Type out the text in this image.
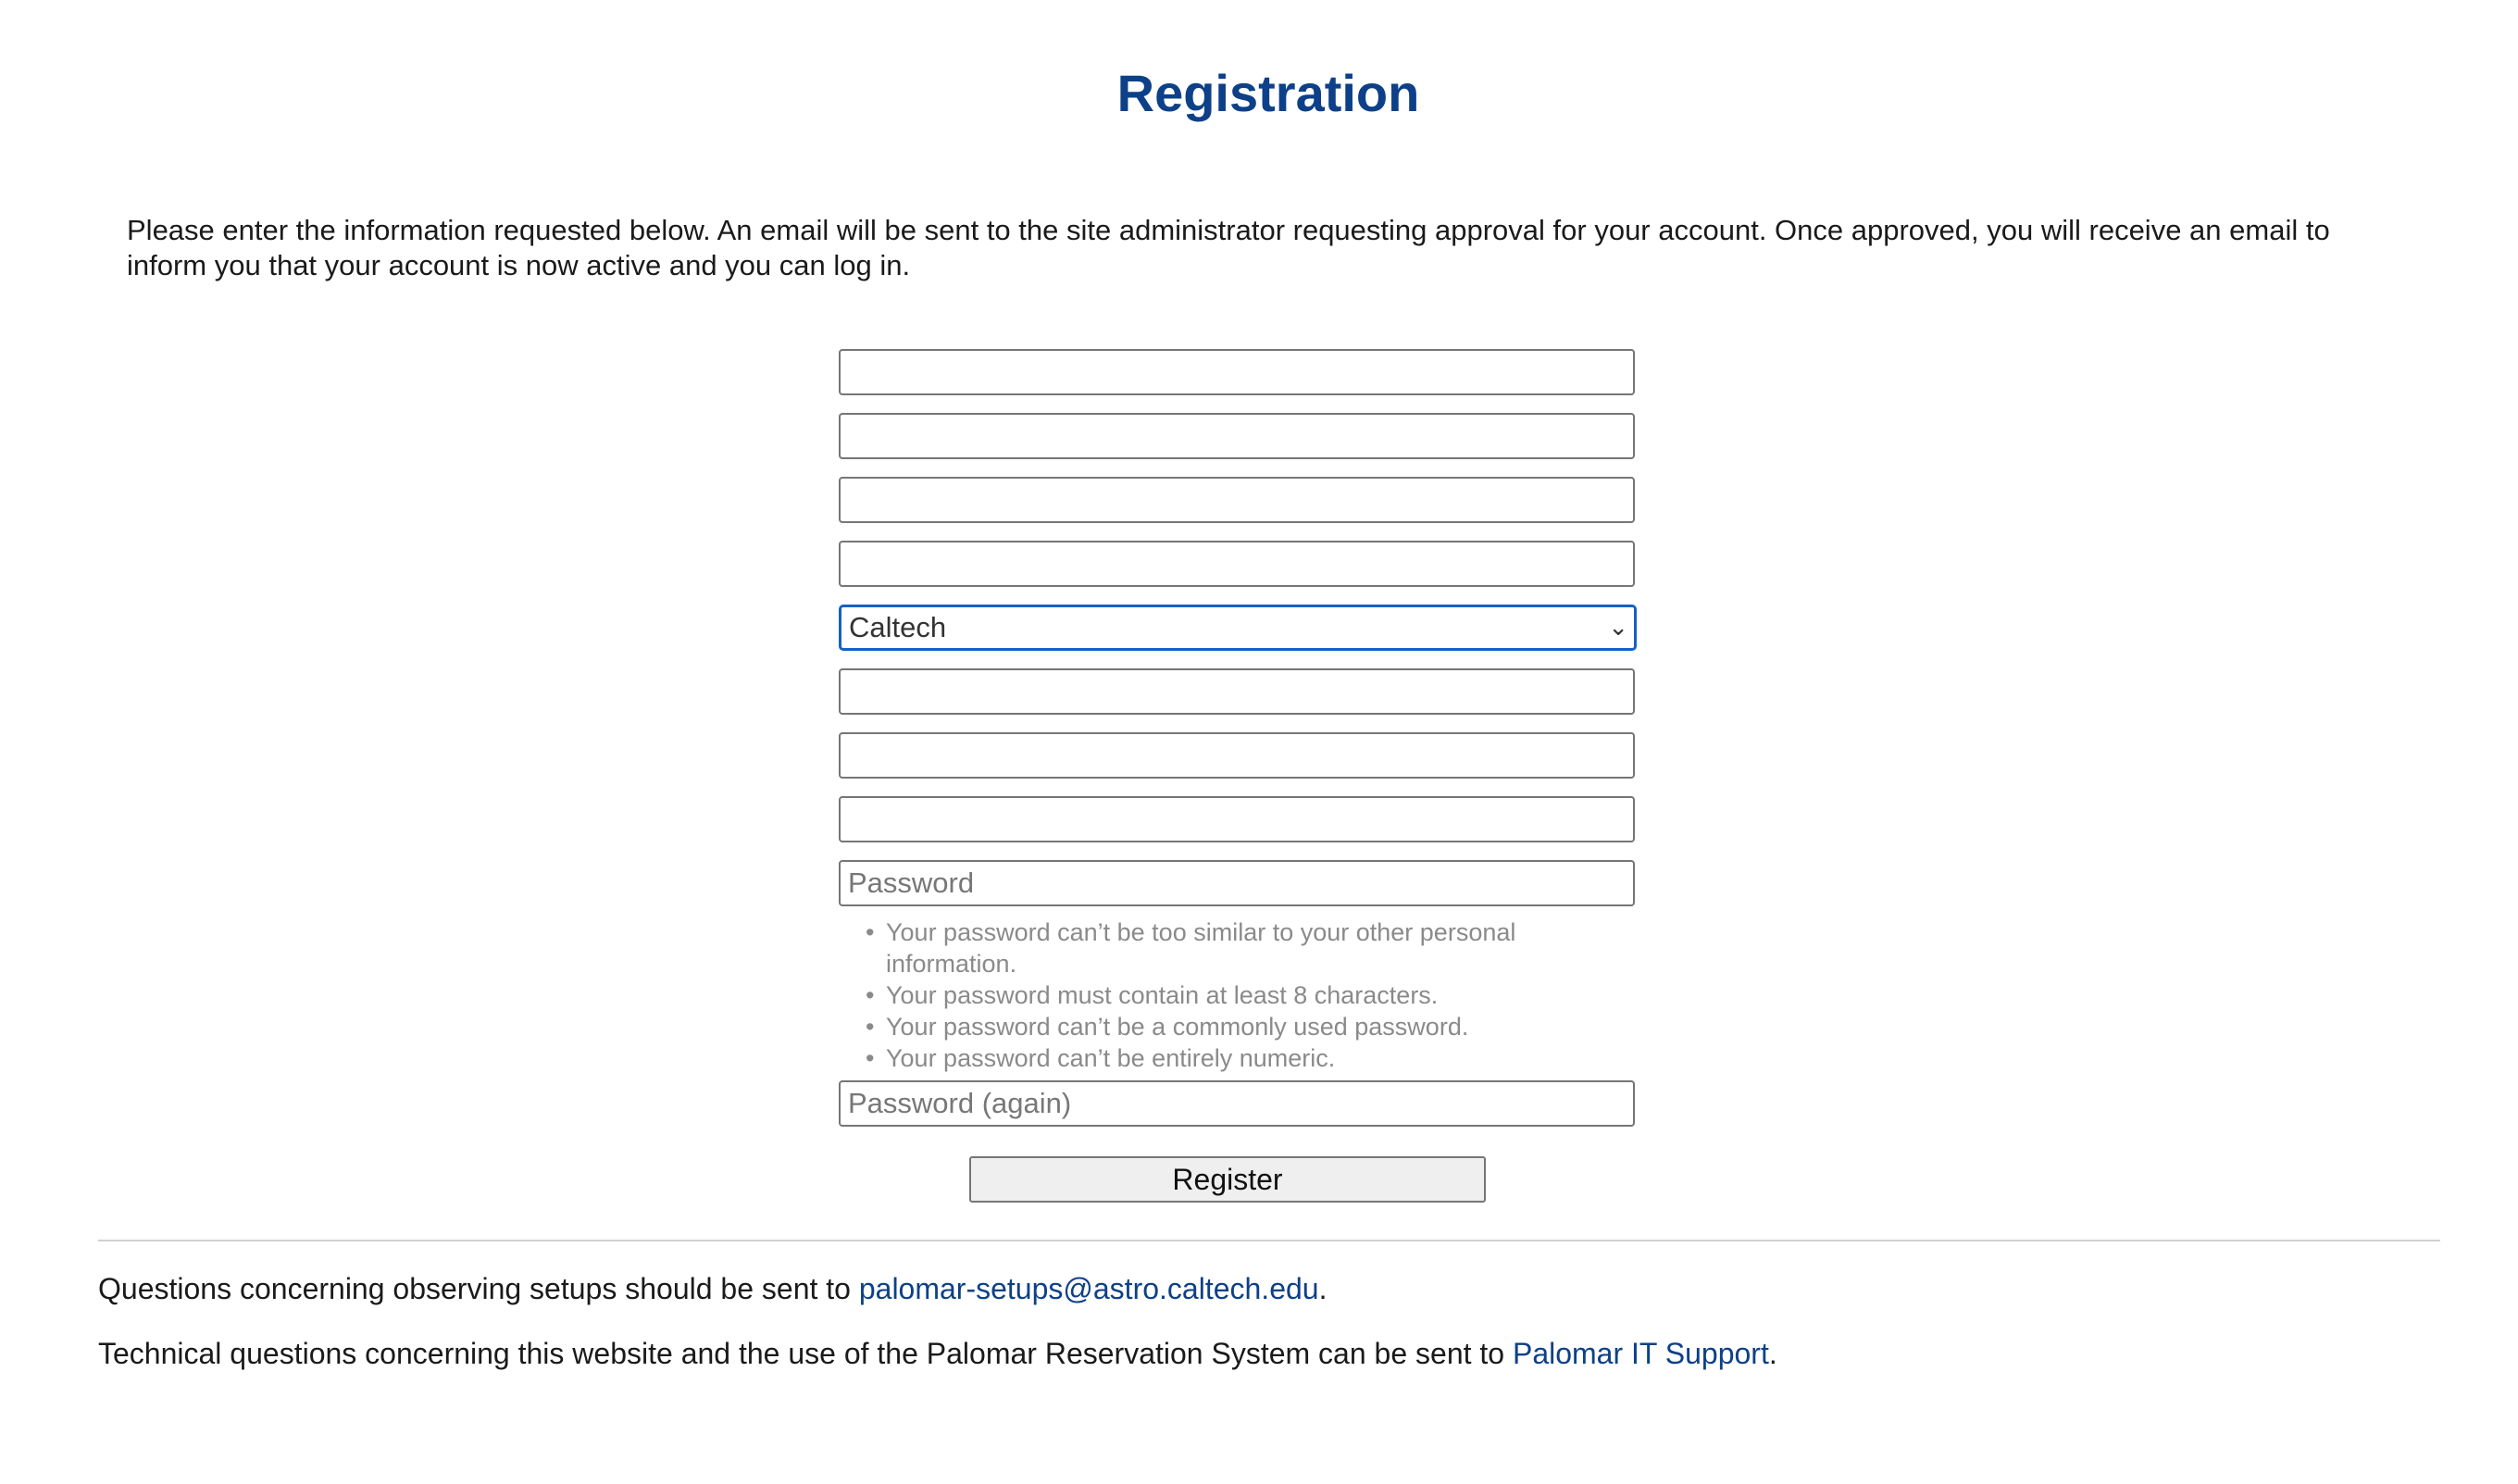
Registration

Please enter the information requested below. An email will be sent to the site administrator requesting approval for your account. Once approved, you will receive an email to inform you that your account is now active and you can log in.

Caltech	⌄
• Your password can’t be too similar to your other personal information.
• Your password must contain at least 8 characters.
• Your password can’t be a commonly used password.
• Your password can’t be entirely numeric.
Register

Questions concerning observing setups should be sent to palomar-setups@astro.caltech.edu.

Technical questions concerning this website and the use of the Palomar Reservation System can be sent to Palomar IT Support.
